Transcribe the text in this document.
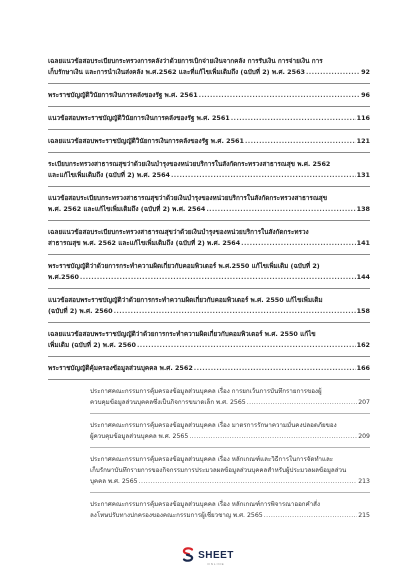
เฉลยแนวข้อสอบระเบียบกระทรวงการคลังว่าด้วยการเบิกจ่ายเงินจากคลัง การรับเงิน การจ่ายเงิน การ
เก็บรักษาเงิน และการนำเงินส่งคลัง พ.ศ.2562 และที่แก้ไขเพิ่มเติมถึง (ฉบับที่ 2) พ.ศ. 2563 .....	92
พระราชบัญญัติวินัยการเงินการคลังของรัฐ พ.ศ. 2561 .....	96
แนวข้อสอบพระราชบัญญัติวินัยการเงินการคลังของรัฐ พ.ศ. 2561 .....	116
เฉลยแนวข้อสอบพระราชบัญญัติวินัยการเงินการคลังของรัฐ พ.ศ. 2561 .....	121
ระเบียบกระทรวงสาธารณสุขว่าด้วยเงินบำรุงของหน่วยบริการในสังกัดกระทรวงสาธารณสุข พ.ศ. 2562
และแก้ไขเพิ่มเติมถึง (ฉบับที่ 2) พ.ศ. 2564 .....	131
แนวข้อสอบระเบียบกระทรวงสาธารณสุขว่าด้วยเงินบำรุงของหน่วยบริการในสังกัดกระทรวงสาธารณสุข
พ.ศ. 2562 และแก้ไขเพิ่มเติมถึง (ฉบับที่ 2) พ.ศ. 2564 .....	138
เฉลยแนวข้อสอบระเบียบกระทรวงสาธารณสุขว่าด้วยเงินบำรุงของหน่วยบริการในสังกัดกระทรวง
สาธารณสุข พ.ศ. 2562 และแก้ไขเพิ่มเติมถึง (ฉบับที่ 2) พ.ศ. 2564 .....	141
พระราชบัญญัติว่าด้วยการกระทำความผิดเกี่ยวกับคอมพิวเตอร์ พ.ศ.2550 แก้ไขเพิ่มเติม (ฉบับที่ 2)
พ.ศ.2560 .....	144
แนวข้อสอบพระราชบัญญัติว่าด้วยการกระทำความผิดเกี่ยวกับคอมพิวเตอร์ พ.ศ. 2550 แก้ไขเพิ่มเติม
(ฉบับที่ 2) พ.ศ. 2560 .....	158
เฉลยแนวข้อสอบพระราชบัญญัติว่าด้วยการกระทำความผิดเกี่ยวกับคอมพิวเตอร์ พ.ศ. 2550 แก้ไข
เพิ่มเติม (ฉบับที่ 2) พ.ศ. 2560 .....	162
พระราชบัญญัติคุ้มครองข้อมูลส่วนบุคคล พ.ศ. 2562 .....	166
ประกาศคณะกรรมการคุ้มครองข้อมูลส่วนบุคคล เรื่อง การยกเว้นการบันทึกรายการของผู้
ควบคุมข้อมูลส่วนบุคคลซึ่งเป็นกิจการขนาดเล็ก พ.ศ. 2565 .....	207
ประกาศคณะกรรมการคุ้มครองข้อมูลส่วนบุคคล เรื่อง มาตรการรักษาความมั่นคงปลอดภัยของ
ผู้ควบคุมข้อมูลส่วนบุคคล พ.ศ. 2565 .....	209
ประกาศคณะกรรมการคุ้มครองข้อมูลส่วนบุคคล เรื่อง หลักเกณฑ์และวิธีการในการจัดทำและ
เก็บรักษาบันทึกรายการของกิจกรรมการประมวลผลข้อมูลส่วนบุคคลสำหรับผู้ประมวลผลข้อมูลส่วน
บุคคล พ.ศ. 2565 .....	213
ประกาศคณะกรรมการคุ้มครองข้อมูลส่วนบุคคล เรื่อง หลักเกณฑ์การพิจารณาออกคำสั่ง
ลงโทษปรับทางปกครองของคณะกรรมการผู้เชี่ยวชาญ พ.ศ. 2565 .....	215
SHEET
ONLINE
